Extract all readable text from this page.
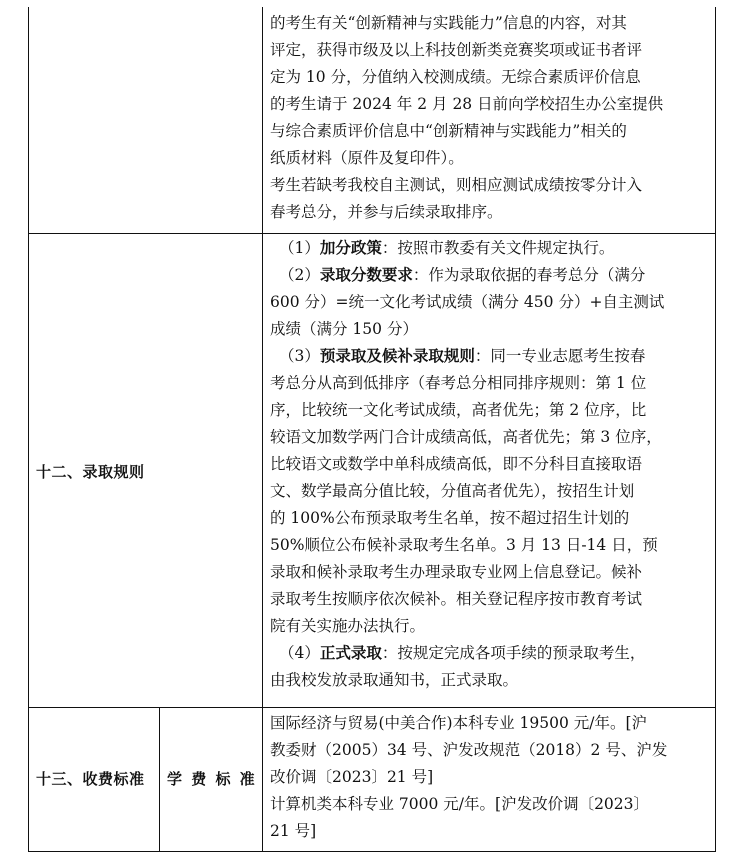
的考生有关“创新精神与实践能力”信息的内容，对其

评定，获得市级及以上科技创新类竞赛奖项或证书者评

定为 10 分，分值纳入校测成绩。无综合素质评价信息

的考生请于 2024 年 2 月 28 日前向学校招生办公室提供

与综合素质评价信息中“创新精神与实践能力”相关的

纸质材料（原件及复印件）。

考生若缺考我校自主测试，则相应测试成绩按零分计入

春考总分，并参与后续录取排序。

十二、录取规则

（1）加分政策：按照市教委有关文件规定执行。

（2）录取分数要求：作为录取依据的春考总分（满分

600 分）=统一文化考试成绩（满分 450 分）+自主测试

成绩（满分 150 分）

（3）预录取及候补录取规则：同一专业志愿考生按春

考总分从高到低排序（春考总分相同排序规则：第 1 位

序，比较统一文化考试成绩，高者优先；第 2 位序，比

较语文加数学两门合计成绩高低，高者优先；第 3 位序，

比较语文或数学中单科成绩高低，即不分科目直接取语

文、数学最高分值比较，分值高者优先），按招生计划

的 100%公布预录取考生名单，按不超过招生计划的

50%顺位公布候补录取考生名单。3 月 13 日-14 日，预

录取和候补录取考生办理录取专业网上信息登记。候补

录取考生按顺序依次候补。相关登记程序按市教育考试

院有关实施办法执行。

（4）正式录取：按规定完成各项手续的预录取考生，

由我校发放录取通知书，正式录取。

十三、收费标准 学 费 标 准

国际经济与贸易(中美合作)本科专业 19500 元/年。[沪

教委财（2005）34 号、沪发改规范（2018）2 号、沪发

改价调〔2023〕21 号]

计算机类本科专业 7000 元/年。[沪发改价调〔2023〕

21 号]
